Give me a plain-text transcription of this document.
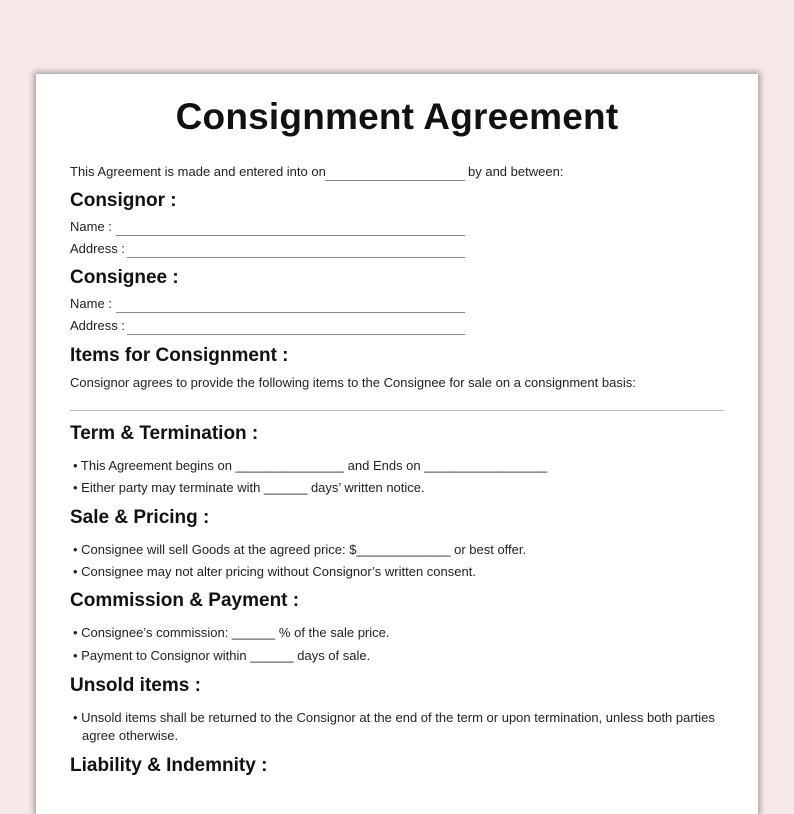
Consignment Agreement
This Agreement is made and entered into on	by and between:
Consignor :
Name :
Address :
Consignee :
Name :
Address :
Items for Consignment :
Consignor agrees to provide the following items to the Consignee for sale on a consignment basis:
Term & Termination :
• This Agreement begins on _______________ and Ends on _________________
• Either party may terminate with ______ days’ written notice.
Sale & Pricing :
• Consignee will sell Goods at the agreed price: $_____________ or best offer.
• Consignee may not alter pricing without Consignor’s written consent.
Commission & Payment :
• Consignee’s commission: ______ % of the sale price.
• Payment to Consignor within ______ days of sale.
Unsold items :
• Unsold items shall be returned to the Consignor at the end of the term or upon termination, unless both parties
agree otherwise.
Liability & Indemnity :
